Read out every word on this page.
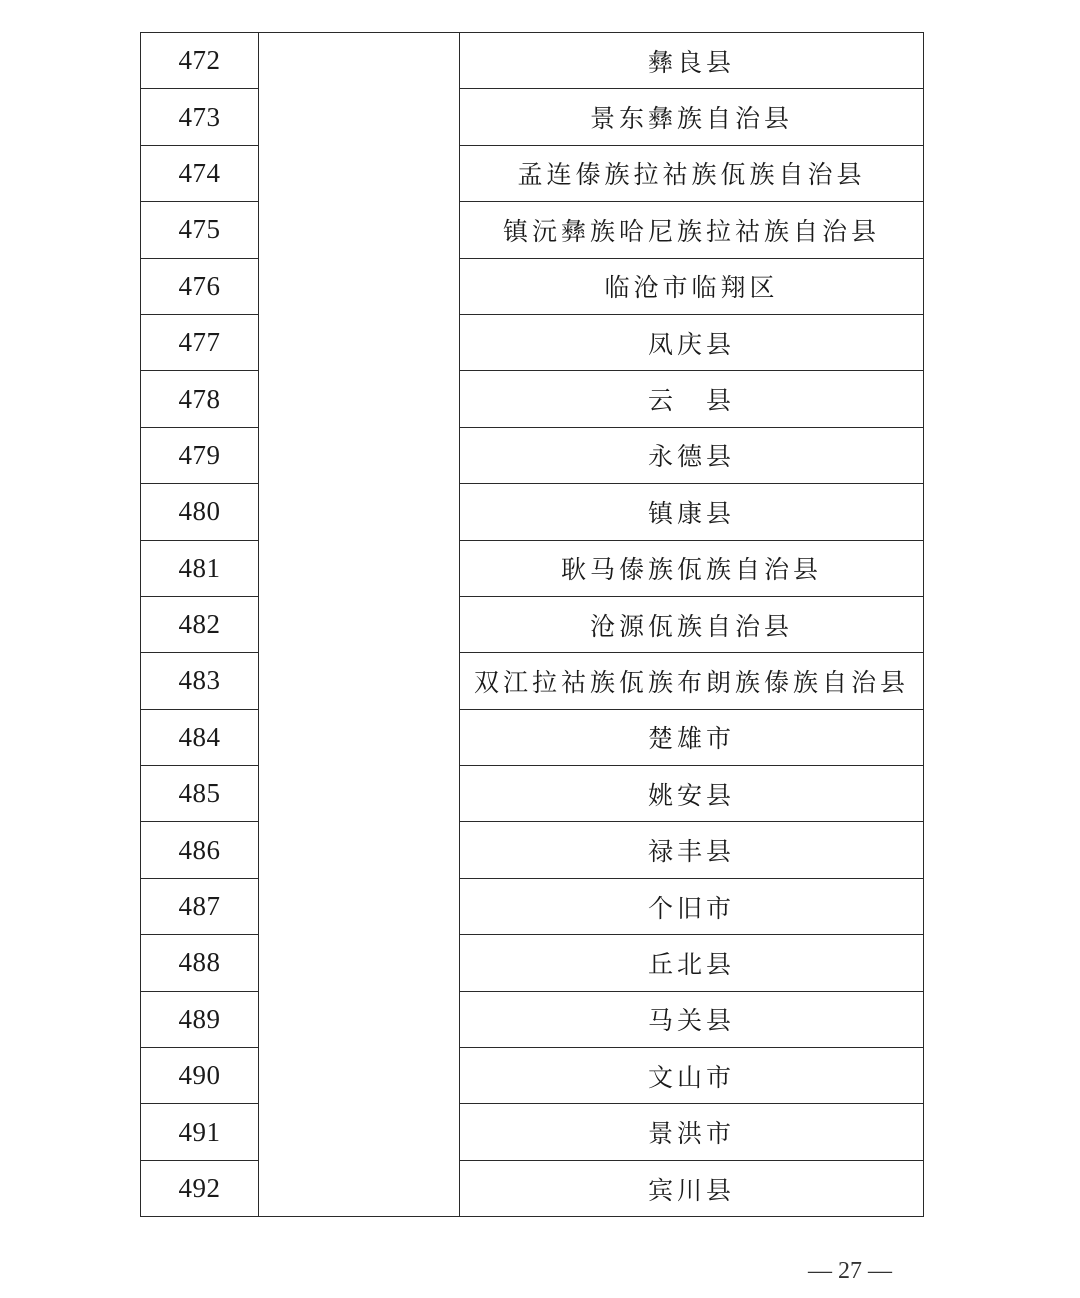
472		彝良县
473		景东彝族自治县
474		孟连傣族拉祜族佤族自治县
475		镇沅彝族哈尼族拉祜族自治县
476		临沧市临翔区
477		凤庆县
478		云　县
479		永德县
480		镇康县
481		耿马傣族佤族自治县
482		沧源佤族自治县
483		双江拉祜族佤族布朗族傣族自治县
484		楚雄市
485		姚安县
486		禄丰县
487		个旧市
488		丘北县
489		马关县
490		文山市
491		景洪市
492		宾川县
— 27 —
